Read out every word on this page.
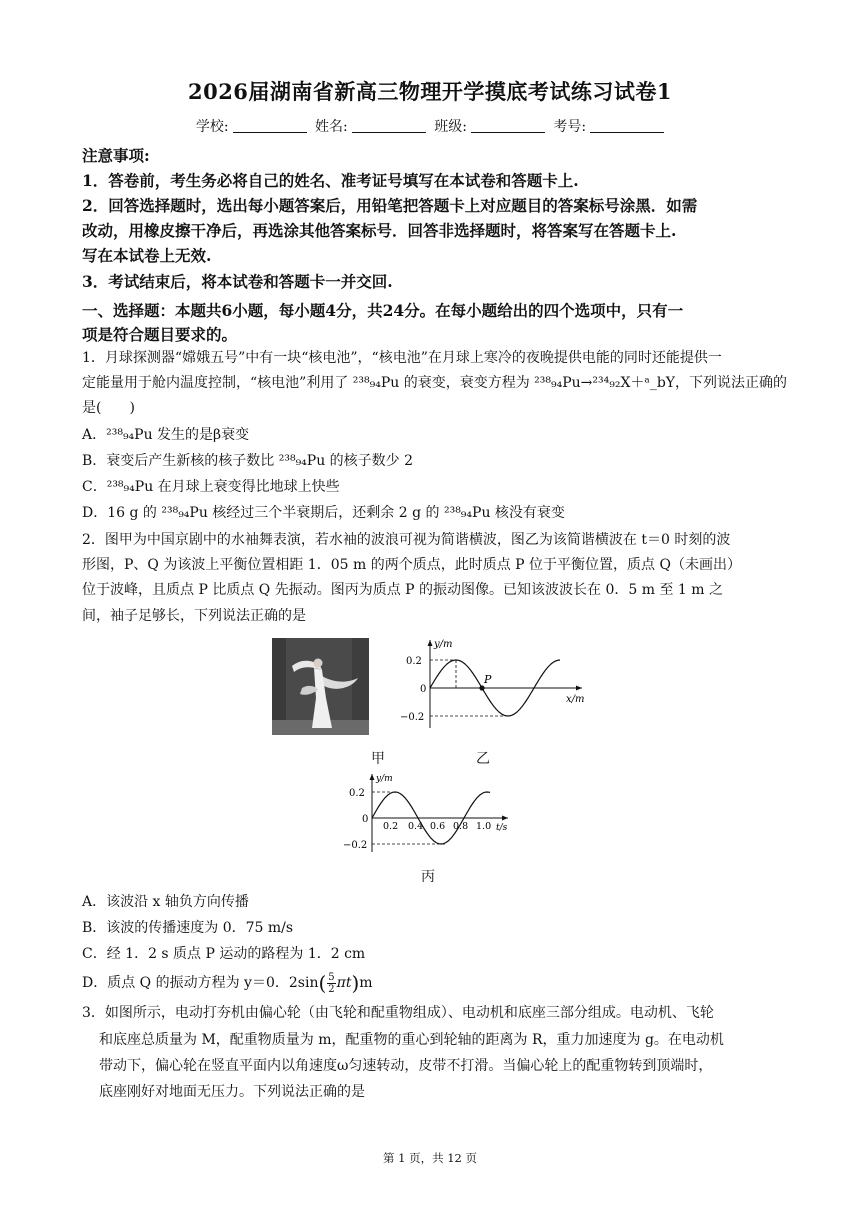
2026届湖南省新高三物理开学摸底考试练习试卷1
学校:	姓名:	班级:	考号:
注意事项:
1．答卷前，考生务必将自己的姓名、准考证号填写在本试卷和答题卡上.
2．回答选择题时，选出每小题答案后，用铅笔把答题卡上对应题目的答案标号涂黑．如需
改动，用橡皮擦干净后，再选涂其他答案标号．回答非选择题时，将答案写在答题卡上.
写在本试卷上无效.
3．考试结束后，将本试卷和答题卡一并交回.
一、选择题：本题共6小题，每小题4分，共24分。在每小题给出的四个选项中，只有一
项是符合题目要求的。
1．月球探测器“嫦娥五号”中有一块“核电池”，“核电池”在月球上寒冷的夜晚提供电能的同时还能提供一
定能量用于舱内温度控制，“核电池”利用了 ²³⁸₉₄Pu 的衰变，衰变方程为 ²³⁸₉₄Pu→²³⁴₉₂X＋ᵃ_bY，下列说法正确的
是(　　)
A．²³⁸₉₄Pu 发生的是β衰变
B．衰变后产生新核的核子数比 ²³⁸₉₄Pu 的核子数少 2
C．²³⁸₉₄Pu 在月球上衰变得比地球上快些
D．16 g 的 ²³⁸₉₄Pu 核经过三个半衰期后，还剩余 2 g 的 ²³⁸₉₄Pu 核没有衰变
2．图甲为中国京剧中的水袖舞表演，若水袖的波浪可视为简谐横波，图乙为该简谐横波在 t＝0 时刻的波
形图，P、Q 为该波上平衡位置相距 1．05 m 的两个质点，此时质点 P 位于平衡位置，质点 Q（未画出）
位于波峰，且质点 P 比质点 Q 先振动。图丙为质点 P 的振动图像。已知该波波长在 0．5 m 至 1 m 之
间，袖子足够长，下列说法正确的是
P
y/m
x/m
0.2
0
−0.2
甲	乙
y/m
t/s
0.2
0
−0.2
0.2 0.4 0.6 0.8 1.0
丙
A．该波沿 x 轴负方向传播
B．该波的传播速度为 0．75 m/s
C．经 1．2 s 质点 P 运动的路程为 1．2 cm
D．质点 Q 的振动方程为 y＝0．$2\sin( \frac{5}{2} \pi t)m$
3．如图所示，电动打夯机由偏心轮（由飞轮和配重物组成）、电动机和底座三部分组成。电动机、飞轮
和底座总质量为 M，配重物质量为 m，配重物的重心到轮轴的距离为 R，重力加速度为 g。在电动机
带动下，偏心轮在竖直平面内以角速度ω匀速转动，皮带不打滑。当偏心轮上的配重物转到顶端时，
底座刚好对地面无压力。下列说法正确的是
第 1 页，共 12 页
